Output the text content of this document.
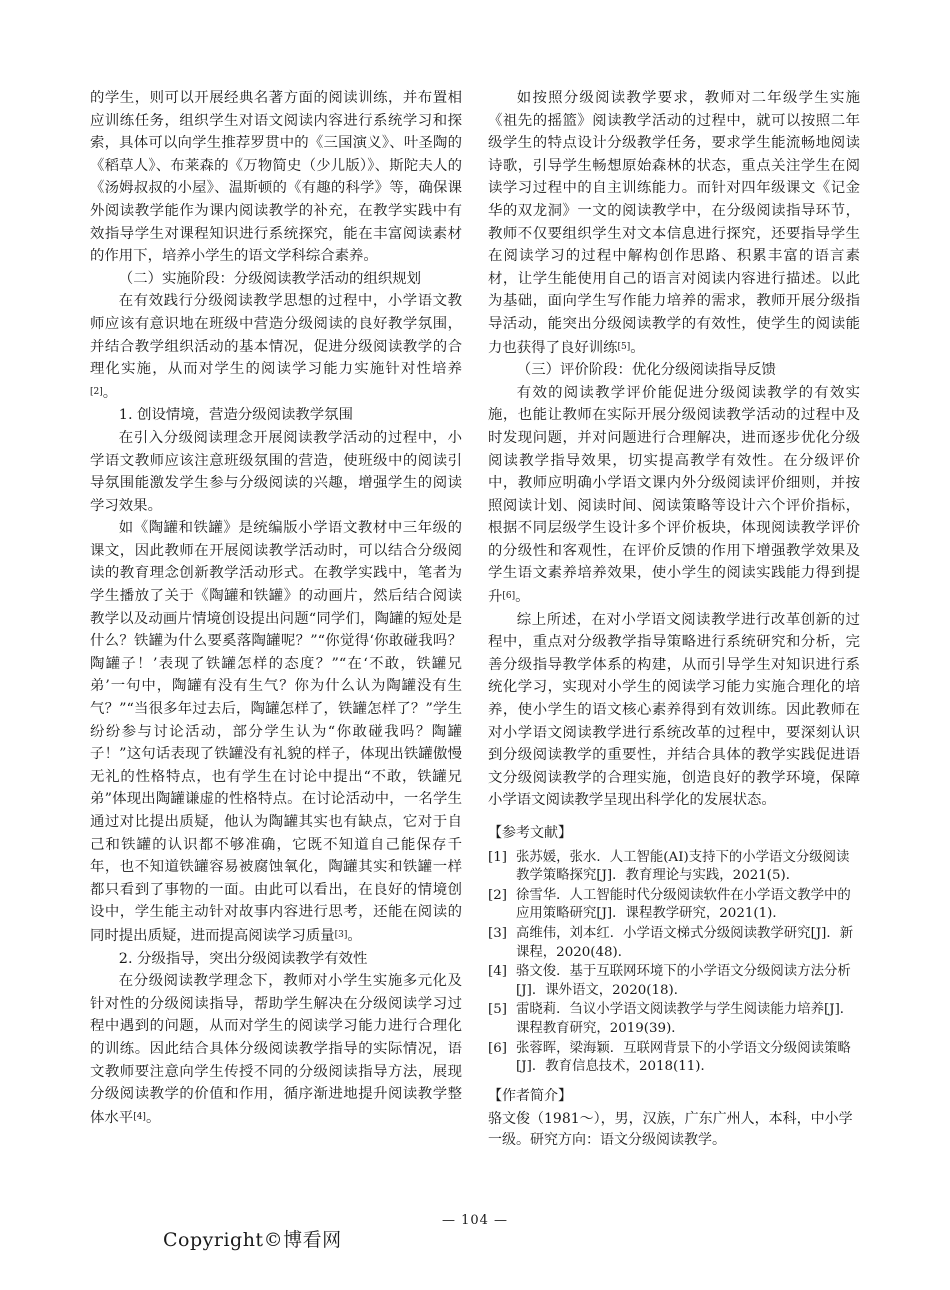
的学生，则可以开展经典名著方面的阅读训练，并布置相应训练任务，组织学生对语文阅读内容进行系统学习和探索，具体可以向学生推荐罗贯中的《三国演义》、叶圣陶的《稻草人》、布莱森的《万物简史（少儿版）》、斯陀夫人的《汤姆叔叔的小屋》、温斯顿的《有趣的科学》等，确保课外阅读教学能作为课内阅读教学的补充，在教学实践中有效指导学生对课程知识进行系统探究，能在丰富阅读素材的作用下，培养小学生的语文学科综合素养。

（二）实施阶段：分级阅读教学活动的组织规划

在有效践行分级阅读教学思想的过程中，小学语文教师应该有意识地在班级中营造分级阅读的良好教学氛围，并结合教学组织活动的基本情况，促进分级阅读教学的合理化实施，从而对学生的阅读学习能力实施针对性培养[2]。

1. 创设情境，营造分级阅读教学氛围

在引入分级阅读理念开展阅读教学活动的过程中，小学语文教师应该注意班级氛围的营造，使班级中的阅读引导氛围能激发学生参与分级阅读的兴趣，增强学生的阅读学习效果。

如《陶罐和铁罐》是统编版小学语文教材中三年级的课文，因此教师在开展阅读教学活动时，可以结合分级阅读的教育理念创新教学活动形式。在教学实践中，笔者为学生播放了关于《陶罐和铁罐》的动画片，然后结合阅读教学以及动画片情境创设提出问题“同学们，陶罐的短处是什么？铁罐为什么要奚落陶罐呢？”“你觉得‘你敢碰我吗？陶罐子！’表现了铁罐怎样的态度？”“在‘不敢，铁罐兄弟’一句中，陶罐有没有生气？你为什么认为陶罐没有生气？”“当很多年过去后，陶罐怎样了，铁罐怎样了？”学生纷纷参与讨论活动，部分学生认为“你敢碰我吗？陶罐子！”这句话表现了铁罐没有礼貌的样子，体现出铁罐傲慢无礼的性格特点，也有学生在讨论中提出“不敢，铁罐兄弟”体现出陶罐谦虚的性格特点。在讨论活动中，一名学生通过对比提出质疑，他认为陶罐其实也有缺点，它对于自己和铁罐的认识都不够准确，它既不知道自己能保存千年，也不知道铁罐容易被腐蚀氧化，陶罐其实和铁罐一样都只看到了事物的一面。由此可以看出，在良好的情境创设中，学生能主动针对故事内容进行思考，还能在阅读的同时提出质疑，进而提高阅读学习质量[3]。

2. 分级指导，突出分级阅读教学有效性

在分级阅读教学理念下，教师对小学生实施多元化及针对性的分级阅读指导，帮助学生解决在分级阅读学习过程中遇到的问题，从而对学生的阅读学习能力进行合理化的训练。因此结合具体分级阅读教学指导的实际情况，语文教师要注意向学生传授不同的分级阅读指导方法，展现分级阅读教学的价值和作用，循序渐进地提升阅读教学整体水平[4]。

如按照分级阅读教学要求，教师对二年级学生实施《祖先的摇篮》阅读教学活动的过程中，就可以按照二年级学生的特点设计分级教学任务，要求学生能流畅地阅读诗歌，引导学生畅想原始森林的状态，重点关注学生在阅读学习过程中的自主训练能力。而针对四年级课文《记金华的双龙洞》一文的阅读教学中，在分级阅读指导环节，教师不仅要组织学生对文本信息进行探究，还要指导学生在阅读学习的过程中解构创作思路、积累丰富的语言素材，让学生能使用自己的语言对阅读内容进行描述。以此为基础，面向学生写作能力培养的需求，教师开展分级指导活动，能突出分级阅读教学的有效性，使学生的阅读能力也获得了良好训练[5]。

（三）评价阶段：优化分级阅读指导反馈

有效的阅读教学评价能促进分级阅读教学的有效实施，也能让教师在实际开展分级阅读教学活动的过程中及时发现问题，并对问题进行合理解决，进而逐步优化分级阅读教学指导效果，切实提高教学有效性。在分级评价中，教师应明确小学语文课内外分级阅读评价细则，并按照阅读计划、阅读时间、阅读策略等设计六个评价指标，根据不同层级学生设计多个评价板块，体现阅读教学评价的分级性和客观性，在评价反馈的作用下增强教学效果及学生语文素养培养效果，使小学生的阅读实践能力得到提升[6]。

综上所述，在对小学语文阅读教学进行改革创新的过程中，重点对分级教学指导策略进行系统研究和分析，完善分级指导教学体系的构建，从而引导学生对知识进行系统化学习，实现对小学生的阅读学习能力实施合理化的培养，使小学生的语文核心素养得到有效训练。因此教师在对小学语文阅读教学进行系统改革的过程中，要深刻认识到分级阅读教学的重要性，并结合具体的教学实践促进语文分级阅读教学的合理实施，创造良好的教学环境，保障小学语文阅读教学呈现出科学化的发展状态。

【参考文献】

[1] 张苏媛，张水．人工智能(AI)支持下的小学语文分级阅读教学策略探究[J]．教育理论与实践，2021(5)．
[2] 徐雪华．人工智能时代分级阅读软件在小学语文教学中的应用策略研究[J]．课程教学研究，2021(1)．
[3] 高维伟，刘本红．小学语文梯式分级阅读教学研究[J]．新课程，2020(48)．
[4] 骆文俊．基于互联网环境下的小学语文分级阅读方法分析[J]．课外语文，2020(18)．
[5] 雷晓莉．刍议小学语文阅读教学与学生阅读能力培养[J]．课程教育研究，2019(39)．
[6] 张蓉晖，梁海颖．互联网背景下的小学语文分级阅读策略[J]．教育信息技术，2018(11)．

【作者简介】

骆文俊（1981～），男，汉族，广东广州人，本科，中小学一级。研究方向：语文分级阅读教学。

— 104 —
Copyright©博看网
